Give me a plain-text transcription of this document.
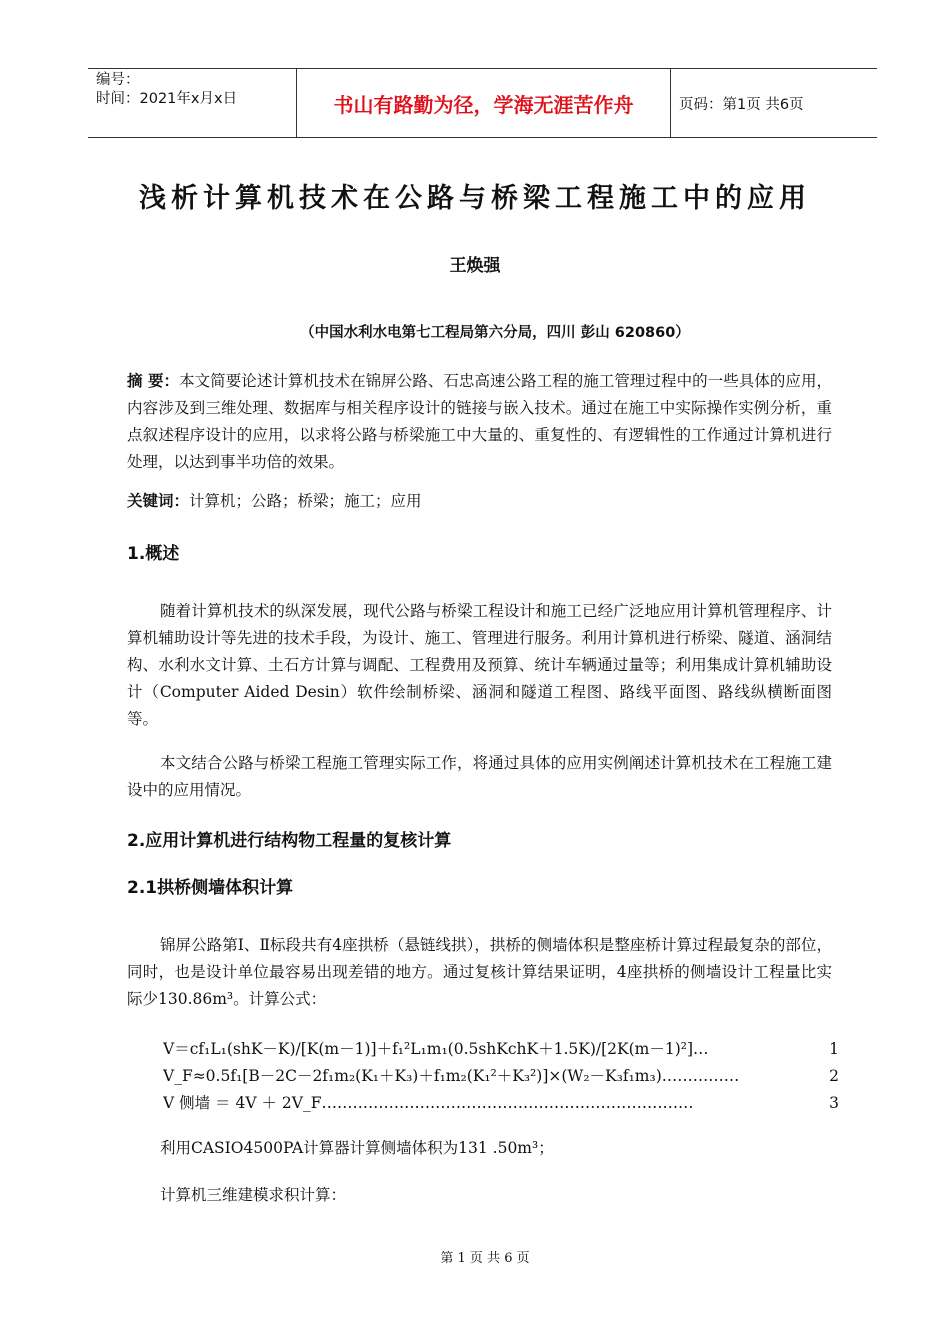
编号：
时间：2021年x月x日	书山有路勤为径，学海无涯苦作舟	页码：第1页 共6页
浅析计算机技术在公路与桥梁工程施工中的应用
王焕强
（中国水利水电第七工程局第六分局，四川 彭山 620860）
摘 要：本文简要论述计算机技术在锦屏公路、石忠高速公路工程的施工管理过程中的一些具体的应用，内容涉及到三维处理、数据库与相关程序设计的链接与嵌入技术。通过在施工中实际操作实例分析，重点叙述程序设计的应用，以求将公路与桥梁施工中大量的、重复性的、有逻辑性的工作通过计算机进行处理，以达到事半功倍的效果。
关键词：计算机；公路；桥梁；施工；应用
1.概述
随着计算机技术的纵深发展，现代公路与桥梁工程设计和施工已经广泛地应用计算机管理程序、计算机辅助设计等先进的技术手段，为设计、施工、管理进行服务。利用计算机进行桥梁、隧道、涵洞结构、水利水文计算、土石方计算与调配、工程费用及预算、统计车辆通过量等；利用集成计算机辅助设计（Computer Aided Desin）软件绘制桥梁、涵洞和隧道工程图、路线平面图、路线纵横断面图等。
本文结合公路与桥梁工程施工管理实际工作，将通过具体的应用实例阐述计算机技术在工程施工建设中的应用情况。
2.应用计算机进行结构物工程量的复核计算
2.1拱桥侧墙体积计算
锦屏公路第Ⅰ、Ⅱ标段共有4座拱桥（悬链线拱），拱桥的侧墙体积是整座桥计算过程最复杂的部位，同时，也是设计单位最容易出现差错的地方。通过复核计算结果证明，4座拱桥的侧墙设计工程量比实际少130.86m³。计算公式：
V＝cf₁L₁(shK－K)/[K(m－1)]＋f₁²L₁m₁(0.5shKchK＋1.5K)/[2K(m－1)²]…	1
V_F≈0.5f₁[B－2C－2f₁m₂(K₁＋K₃)＋f₁m₂(K₁²＋K₃²)]×(W₂－K₃f₁m₃)……………	2
V 侧墙 ＝ 4V ＋ 2V_F………………………………………………………………	3
利用CASIO4500PA计算器计算侧墙体积为131 .50m³；
计算机三维建模求积计算：
第 1 页 共 6 页
